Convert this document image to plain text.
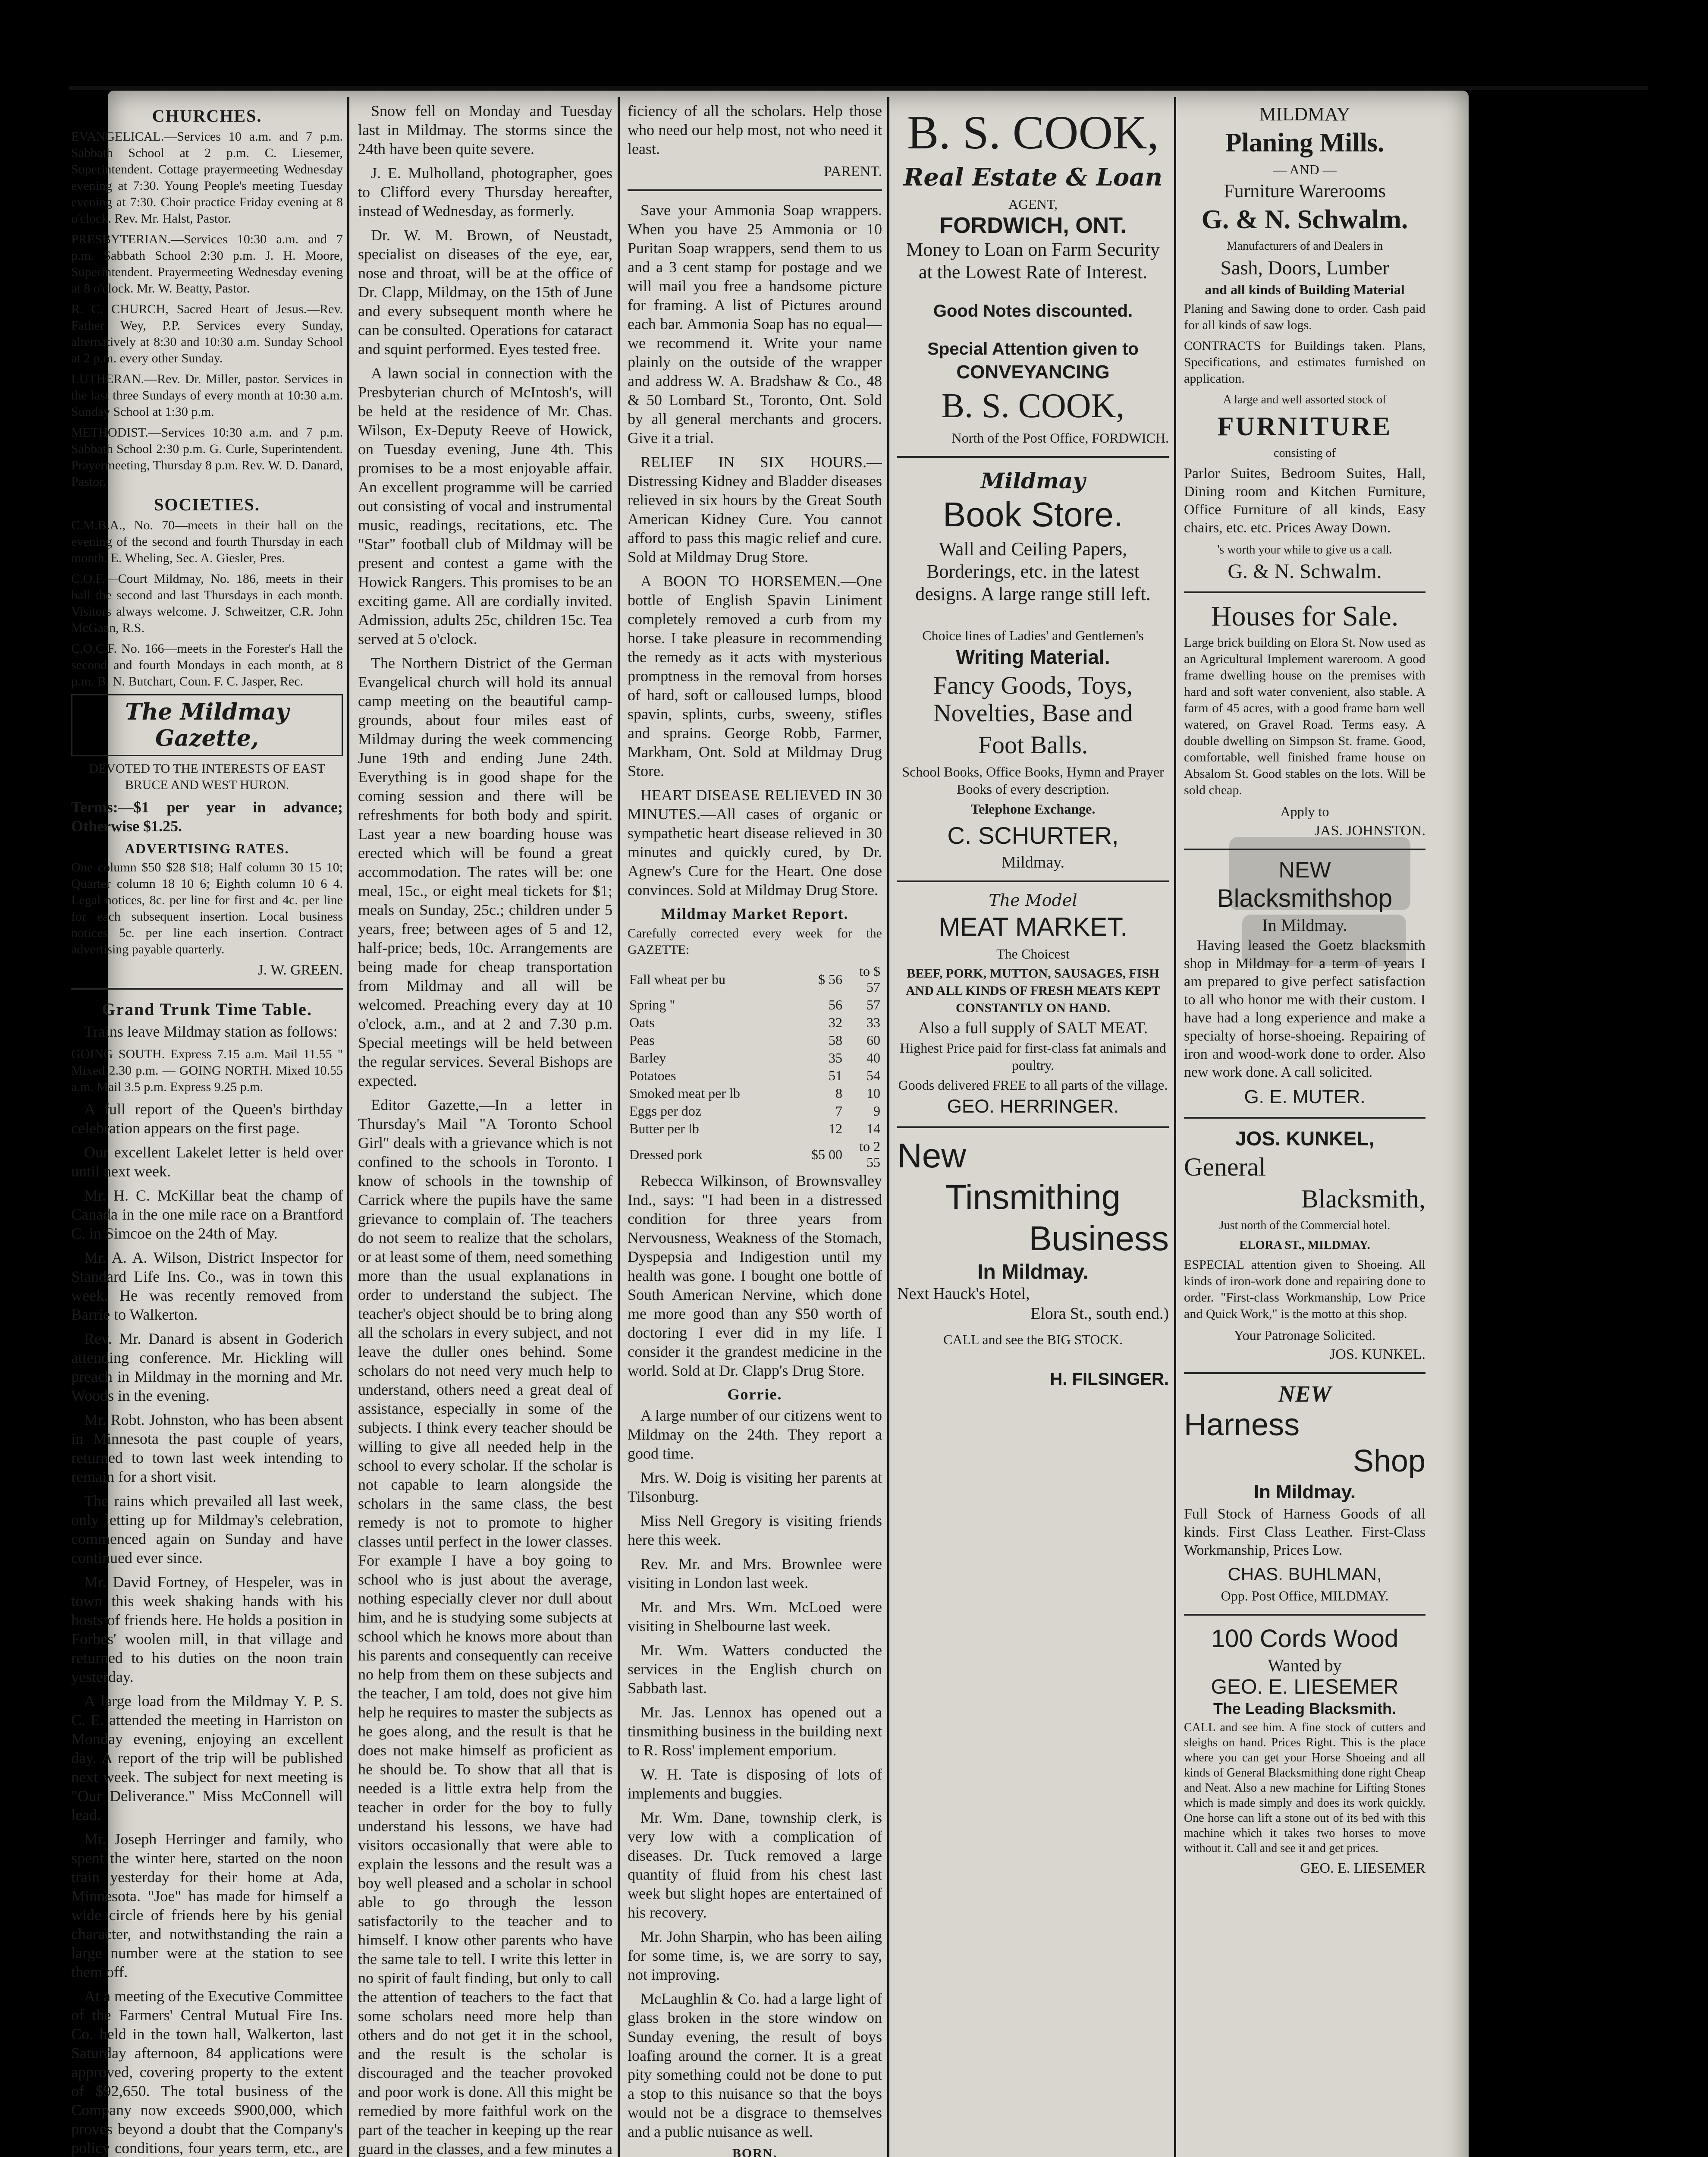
CHURCHES.

EVANGELICAL.—Services 10 a.m. and 7 p.m. Sabbath School at 2 p.m. C. Liesemer, Superintendent. Cottage prayermeeting Wednesday evening at 7:30. Young People's meeting Tuesday evening at 7:30. Choir practice Friday evening at 8 o'clock. Rev. Mr. Halst, Pastor.

PRESBYTERIAN.—Services 10:30 a.m. and 7 p.m. Sabbath School 2:30 p.m. J. H. Moore, Superintendent. Prayermeeting Wednesday evening at 8 o'clock. Mr. W. Beatty, Pastor.

R. C. CHURCH, Sacred Heart of Jesus.—Rev. Father Wey, P.P. Services every Sunday, alternatively at 8:30 and 10:30 a.m. Sunday School at 2 p.m. every other Sunday.

LUTHERAN.—Rev. Dr. Miller, pastor. Services in the last three Sundays of every month at 10:30 a.m. Sunday School at 1:30 p.m.

METHODIST.—Services 10:30 a.m. and 7 p.m. Sabbath School 2:30 p.m. G. Curle, Superintendent. Prayermeeting, Thursday 8 p.m. Rev. W. D. Danard, Pastor.

SOCIETIES.

C.M.B.A., No. 70—meets in their hall on the evening of the second and fourth Thursday in each month. E. Wheling, Sec. A. Giesler, Pres.

C.O.F.—Court Mildmay, No. 186, meets in their hall the second and last Thursdays in each month. Visitors always welcome. J. Schweitzer, C.R. John McGaan, R.S.

C.O.C.F. No. 166—meets in the Forester's Hall the second and fourth Mondays in each month, at 8 p.m. B. N. Butchart, Coun. F. C. Jasper, Rec.

The Mildmay Gazette,

DEVOTED TO THE INTERESTS OF EAST BRUCE AND WEST HURON.

Terms:—$1 per year in advance; Otherwise $1.25.

ADVERTISING RATES.

One column $50 $28 $18; Half column 30 15 10; Quarter column 18 10 6; Eighth column 10 6 4. Legal notices, 8c. per line for first and 4c. per line for each subsequent insertion. Local business notices 5c. per line each insertion. Contract advertising payable quarterly.

J. W. GREEN.
Grand Trunk Time Table.

Trains leave Mildmay station as follows:

GOING SOUTH. Express 7.15 a.m. Mail 11.55 " Mixed 2.30 p.m. — GOING NORTH. Mixed 10.55 a.m. Mail 3.5 p.m. Express 9.25 p.m.

A full report of the Queen's birthday celebration appears on the first page.

Our excellent Lakelet letter is held over until next week.

Mr. H. C. McKillar beat the champ of Canada in the one mile race on a Brantford C. in Simcoe on the 24th of May.

Mr. A. A. Wilson, District Inspector for Standard Life Ins. Co., was in town this week. He was recently removed from Barrie to Walkerton.

Rev. Mr. Danard is absent in Goderich attending conference. Mr. Hickling will preach in Mildmay in the morning and Mr. Woods in the evening.

Mr. Robt. Johnston, who has been absent in Minnesota the past couple of years, returned to town last week intending to remain for a short visit.

The rains which prevailed all last week, only letting up for Mildmay's celebration, commenced again on Sunday and have continued ever since.

Mr. David Fortney, of Hespeler, was in town this week shaking hands with his hosts of friends here. He holds a position in Forbes' woolen mill, in that village and returned to his duties on the noon train yesterday.

A large load from the Mildmay Y. P. S. C. E. attended the meeting in Harriston on Monday evening, enjoying an excellent day. A report of the trip will be published next week. The subject for next meeting is "Our Deliverance." Miss McConnell will lead.

Mr. Joseph Herringer and family, who spent the winter here, started on the noon train yesterday for their home at Ada, Minnesota. "Joe" has made for himself a wide circle of friends here by his genial character, and notwithstanding the rain a large number were at the station to see them off.

At a meeting of the Executive Committee of the Farmers' Central Mutual Fire Ins. Co. held in the town hall, Walkerton, last Saturday afternoon, 84 applications were approved, covering property to the extent of $92,650. The total business of the Company now exceeds $900,000, which proves beyond a doubt that the Company's policy conditions, four years term, etc., are

Snow fell on Monday and Tuesday last in Mildmay. The storms since the 24th have been quite severe.

J. E. Mulholland, photographer, goes to Clifford every Thursday hereafter, instead of Wednesday, as formerly.

Dr. W. M. Brown, of Neustadt, specialist on diseases of the eye, ear, nose and throat, will be at the office of Dr. Clapp, Mildmay, on the 15th of June and every subsequent month where he can be consulted. Operations for cataract and squint performed. Eyes tested free.

A lawn social in connection with the Presbyterian church of McIntosh's, will be held at the residence of Mr. Chas. Wilson, Ex-Deputy Reeve of Howick, on Tuesday evening, June 4th. This promises to be a most enjoyable affair. An excellent programme will be carried out consisting of vocal and instrumental music, readings, recitations, etc. The "Star" football club of Mildmay will be present and contest a game with the Howick Rangers. This promises to be an exciting game. All are cordially invited. Admission, adults 25c, children 15c. Tea served at 5 o'clock.

The Northern District of the German Evangelical church will hold its annual camp meeting on the beautiful camp-grounds, about four miles east of Mildmay during the week commencing June 19th and ending June 24th. Everything is in good shape for the coming session and there will be refreshments for both body and spirit. Last year a new boarding house was erected which will be found a great accommodation. The rates will be: one meal, 15c., or eight meal tickets for $1; meals on Sunday, 25c.; children under 5 years, free; between ages of 5 and 12, half-price; beds, 10c. Arrangements are being made for cheap transportation from Mildmay and all will be welcomed. Preaching every day at 10 o'clock, a.m., and at 2 and 7.30 p.m. Special meetings will be held between the regular services. Several Bishops are expected.

Editor Gazette,—In a letter in Thursday's Mail "A Toronto School Girl" deals with a grievance which is not confined to the schools in Toronto. I know of schools in the township of Carrick where the pupils have the same grievance to complain of. The teachers do not seem to realize that the scholars, or at least some of them, need something more than the usual explanations in order to understand the subject. The teacher's object should be to bring along all the scholars in every subject, and not leave the duller ones behind. Some scholars do not need very much help to understand, others need a great deal of assistance, especially in some of the subjects. I think every teacher should be willing to give all needed help in the school to every scholar. If the scholar is not capable to learn alongside the scholars in the same class, the best remedy is not to promote to higher classes until perfect in the lower classes. For example I have a boy going to school who is just about the average, nothing especially clever nor dull about him, and he is studying some subjects at school which he knows more about than his parents and consequently can receive no help from them on these subjects and the teacher, I am told, does not give him help he requires to master the subjects as he goes along, and the result is that he does not make himself as proficient as he should be. To show that all that is needed is a little extra help from the teacher in order for the boy to fully understand his lessons, we have had visitors occasionally that were able to explain the lessons and the result was a boy well pleased and a scholar in school able to go through the lesson satisfactorily to the teacher and to himself. I know other parents who have the same tale to tell. I write this letter in no spirit of fault finding, but only to call the attention of teachers to the fact that some scholars need more help than others and do not get it in the school, and the result is the scholar is discouraged and the teacher provoked and poor work is done. All this might be remedied by more faithful work on the part of the teacher in keeping up the rear guard in the classes, and a few minutes a

ficiency of all the scholars. Help those who need our help most, not who need it least.

PARENT.

Save your Ammonia Soap wrappers. When you have 25 Ammonia or 10 Puritan Soap wrappers, send them to us and a 3 cent stamp for postage and we will mail you free a handsome picture for framing. A list of Pictures around each bar. Ammonia Soap has no equal—we recommend it. Write your name plainly on the outside of the wrapper and address W. A. Bradshaw & Co., 48 & 50 Lombard St., Toronto, Ont. Sold by all general merchants and grocers. Give it a trial.

RELIEF IN SIX HOURS.—Distressing Kidney and Bladder diseases relieved in six hours by the Great South American Kidney Cure. You cannot afford to pass this magic relief and cure. Sold at Mildmay Drug Store.

A BOON TO HORSEMEN.—One bottle of English Spavin Liniment completely removed a curb from my horse. I take pleasure in recommending the remedy as it acts with mysterious promptness in the removal from horses of hard, soft or calloused lumps, blood spavin, splints, curbs, sweeny, stifles and sprains. George Robb, Farmer, Markham, Ont. Sold at Mildmay Drug Store.

HEART DISEASE RELIEVED IN 30 MINUTES.—All cases of organic or sympathetic heart disease relieved in 30 minutes and quickly cured, by Dr. Agnew's Cure for the Heart. One dose convinces. Sold at Mildmay Drug Store.

Mildmay Market Report.

Carefully corrected every week for the GAZETTE:

Fall wheat per bu	$ 56	to $ 57
Spring "	56	57
Oats	32	33
Peas	58	60
Barley	35	40
Potatoes	51	54
Smoked meat per lb	8	10
Eggs per doz	7	9
Butter per lb	12	14
Dressed pork	$5 00	to 2 55

Rebecca Wilkinson, of Brownsvalley Ind., says: "I had been in a distressed condition for three years from Nervousness, Weakness of the Stomach, Dyspepsia and Indigestion until my health was gone. I bought one bottle of South American Nervine, which done me more good than any $50 worth of doctoring I ever did in my life. I consider it the grandest medicine in the world. Sold at Dr. Clapp's Drug Store.

Gorrie.

A large number of our citizens went to Mildmay on the 24th. They report a good time.

Mrs. W. Doig is visiting her parents at Tilsonburg.

Miss Nell Gregory is visiting friends here this week.

Rev. Mr. and Mrs. Brownlee were visiting in London last week.

Mr. and Mrs. Wm. McLoed were visiting in Shelbourne last week.

Mr. Wm. Watters conducted the services in the English church on Sabbath last.

Mr. Jas. Lennox has opened out a tinsmithing business in the building next to R. Ross' implement emporium.

W. H. Tate is disposing of lots of implements and buggies.

Mr. Wm. Dane, township clerk, is very low with a complication of diseases. Dr. Tuck removed a large quantity of fluid from his chest last week but slight hopes are entertained of his recovery.

Mr. John Sharpin, who has been ailing for some time, is, we are sorry to say, not improving.

McLaughlin & Co. had a large light of glass broken in the store window on Sunday evening, the result of boys loafing around the corner. It is a great pity something could not be done to put a stop to this nuisance so that the boys would not be a disgrace to themselves and a public nuisance as well.

BORN.

B. S. COOK,
Real Estate & Loan
AGENT,
FORDWICH, ONT.
Money to Loan on Farm Security at the Lowest Rate of Interest.
Good Notes discounted.
Special Attention given to
CONVEYANCING
B. S. COOK,
North of the Post Office, FORDWICH.
Mildmay
Book Store.
Wall and Ceiling Papers, Borderings, etc. in the latest designs. A large range still left.
Choice lines of Ladies' and Gentlemen's
Writing Material.
Fancy Goods, Toys, Novelties, Base and
Foot Balls.
School Books, Office Books, Hymn and Prayer Books of every description.
Telephone Exchange.
C. SCHURTER,
Mildmay.
The Model
MEAT MARKET.
The Choicest
BEEF, PORK, MUTTON, SAUSAGES, FISH AND ALL KINDS OF FRESH MEATS KEPT CONSTANTLY ON HAND.
Also a full supply of SALT MEAT.
Highest Price paid for first-class fat animals and poultry.
Goods delivered FREE to all parts of the village.
GEO. HERRINGER.
New
Tinsmithing
Business
In Mildmay.
Next Hauck's Hotel,
Elora St., south end.)
CALL and see the BIG STOCK.
H. FILSINGER.
MILDMAY
Planing Mills.
— AND —
Furniture Warerooms
G. & N. Schwalm.
Manufacturers of and Dealers in
Sash, Doors, Lumber
and all kinds of Building Material

Planing and Sawing done to order. Cash paid for all kinds of saw logs.

CONTRACTS for Buildings taken. Plans, Specifications, and estimates furnished on application.

A large and well assorted stock of
FURNITURE
consisting of

Parlor Suites, Bedroom Suites, Hall, Dining room and Kitchen Furniture, Office Furniture of all kinds, Easy chairs, etc. etc. Prices Away Down.

's worth your while to give us a call.
G. & N. Schwalm.
Houses for Sale.

Large brick building on Elora St. Now used as an Agricultural Implement wareroom. A good frame dwelling house on the premises with hard and soft water convenient, also stable. A farm of 45 acres, with a good frame barn well watered, on Gravel Road. Terms easy. A double dwelling on Simpson St. frame. Good, comfortable, well finished frame house on Absalom St. Good stables on the lots. Will be sold cheap.

Apply to
JAS. JOHNSTON.
NEW
Blacksmithshop
In Mildmay.

Having leased the Goetz blacksmith shop in Mildmay for a term of years I am prepared to give perfect satisfaction to all who honor me with their custom. I have had a long experience and make a specialty of horse-shoeing. Repairing of iron and wood-work done to order. Also new work done. A call solicited.

G. E. MUTER.
JOS. KUNKEL,
General
Blacksmith,
Just north of the Commercial hotel.
ELORA ST., MILDMAY.

ESPECIAL attention given to Shoeing. All kinds of iron-work done and repairing done to order. "First-class Workmanship, Low Price and Quick Work," is the motto at this shop.

Your Patronage Solicited.
JOS. KUNKEL.
NEW
Harness
Shop
In Mildmay.

Full Stock of Harness Goods of all kinds. First Class Leather. First-Class Workmanship, Prices Low.

CHAS. BUHLMAN,
Opp. Post Office, MILDMAY.
100 Cords Wood
Wanted by
GEO. E. LIESEMER
The Leading Blacksmith.

CALL and see him. A fine stock of cutters and sleighs on hand. Prices Right. This is the place where you can get your Horse Shoeing and all kinds of General Blacksmithing done right Cheap and Neat. Also a new machine for Lifting Stones which is made simply and does its work quickly. One horse can lift a stone out of its bed with this machine which it takes two horses to move without it. Call and see it and get prices.

GEO. E. LIESEMER
